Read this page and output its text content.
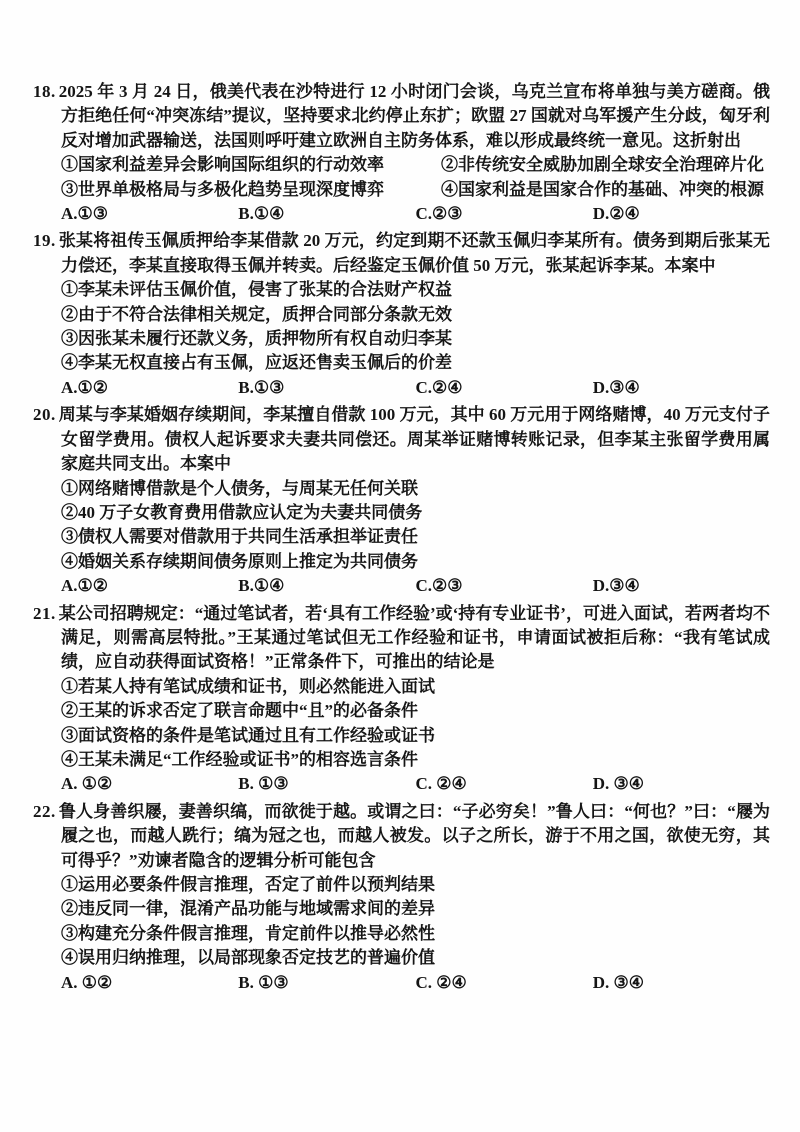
18. 2025 年 3 月 24 日，俄美代表在沙特进行 12 小时闭门会谈，乌克兰宣布将单独与美方磋商。俄方拒绝任何“冲突冻结”提议，坚持要求北约停止东扩；欧盟 27 国就对乌军援产生分歧，匈牙利反对增加武器输送，法国则呼吁建立欧洲自主防务体系，难以形成最终统一意见。这折射出

①国家利益差异会影响国际组织的行动效率	②非传统安全威胁加剧全球安全治理碎片化
③世界单极格局与多极化趋势呈现深度博弈	④国家利益是国家合作的基础、冲突的根源
A.①③	B.①④	C.②③	D.②④

19. 张某将祖传玉佩质押给李某借款 20 万元，约定到期不还款玉佩归李某所有。债务到期后张某无力偿还，李某直接取得玉佩并转卖。后经鉴定玉佩价值 50 万元，张某起诉李某。本案中

①李某未评估玉佩价值，侵害了张某的合法财产权益
②由于不符合法律相关规定，质押合同部分条款无效
③因张某未履行还款义务，质押物所有权自动归李某
④李某无权直接占有玉佩，应返还售卖玉佩后的价差
A.①②	B.①③	C.②④	D.③④

20. 周某与李某婚姻存续期间，李某擅自借款 100 万元，其中 60 万元用于网络赌博，40 万元支付子女留学费用。债权人起诉要求夫妻共同偿还。周某举证赌博转账记录，但李某主张留学费用属家庭共同支出。本案中

①网络赌博借款是个人债务，与周某无任何关联
②40 万子女教育费用借款应认定为夫妻共同债务
③债权人需要对借款用于共同生活承担举证责任
④婚姻关系存续期间债务原则上推定为共同债务
A.①②	B.①④	C.②③	D.③④

21. 某公司招聘规定：“通过笔试者，若‘具有工作经验’或‘持有专业证书’，可进入面试，若两者均不满足，则需高层特批。”王某通过笔试但无工作经验和证书，申请面试被拒后称：“我有笔试成绩，应自动获得面试资格！”正常条件下，可推出的结论是

①若某人持有笔试成绩和证书，则必然能进入面试
②王某的诉求否定了联言命题中“且”的必备条件
③面试资格的条件是笔试通过且有工作经验或证书
④王某未满足“工作经验或证书”的相容选言条件
A. ①②	B. ①③	C. ②④	D. ③④

22. 鲁人身善织屦，妻善织缟，而欲徙于越。或谓之曰：“子必穷矣！”鲁人曰：“何也？”曰：“屦为履之也，而越人跣行；缟为冠之也，而越人被发。以子之所长，游于不用之国，欲使无穷，其可得乎？”劝谏者隐含的逻辑分析可能包含

①运用必要条件假言推理，否定了前件以预判结果
②违反同一律，混淆产品功能与地域需求间的差异
③构建充分条件假言推理，肯定前件以推导必然性
④误用归纳推理，以局部现象否定技艺的普遍价值
A. ①②	B. ①③	C. ②④	D. ③④
